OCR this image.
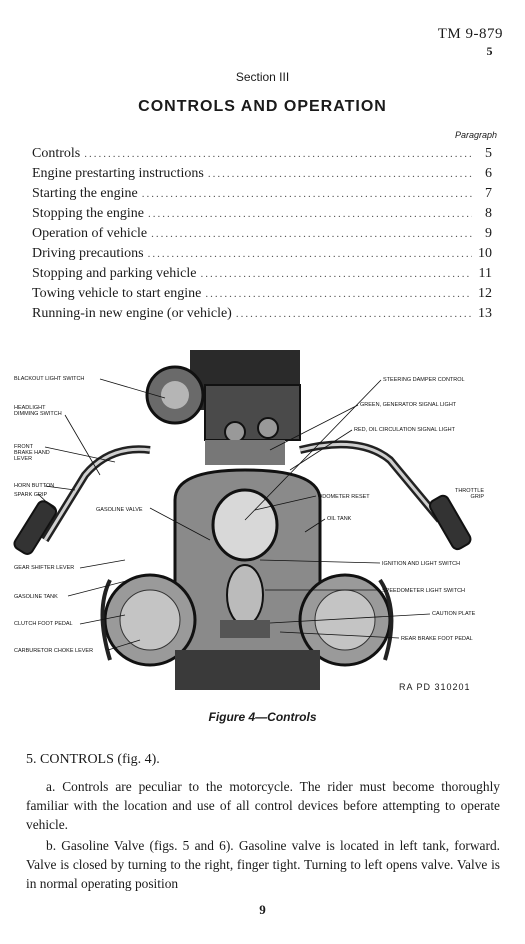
TM 9-879
5
Section III
CONTROLS AND OPERATION
Paragraph
Controls .....	5
Engine prestarting instructions .....	6
Starting the engine .....	7
Stopping the engine .....	8
Operation of vehicle .....	9
Driving precautions .....	10
Stopping and parking vehicle .....	11
Towing vehicle to start engine .....	12
Running-in new engine (or vehicle) .....	13
BLACKOUT LIGHT SWITCH
HEADLIGHT DIMMING SWITCH
FRONT BRAKE HAND LEVER
HORN BUTTON
SPARK GRIP
GASOLINE VALVE
GEAR SHIFTER LEVER
GASOLINE TANK
CLUTCH FOOT PEDAL
CARBURETOR CHOKE LEVER
STEERING DAMPER CONTROL
GREEN, GENERATOR SIGNAL LIGHT
RED, OIL CIRCULATION SIGNAL LIGHT
ODOMETER RESET
THROTTLE GRIP
OIL TANK
IGNITION AND LIGHT SWITCH
SPEEDOMETER LIGHT SWITCH
CAUTION PLATE
REAR BRAKE FOOT PEDAL
RA PD 310201
Figure 4—Controls
5. CONTROLS (fig. 4).
a. Controls are peculiar to the motorcycle. The rider must become thoroughly familiar with the location and use of all control devices before attempting to operate vehicle.
b. Gasoline Valve (figs. 5 and 6). Gasoline valve is located in left tank, forward. Valve is closed by turning to the right, finger tight. Turning to left opens valve. Valve is in normal operating position
9
